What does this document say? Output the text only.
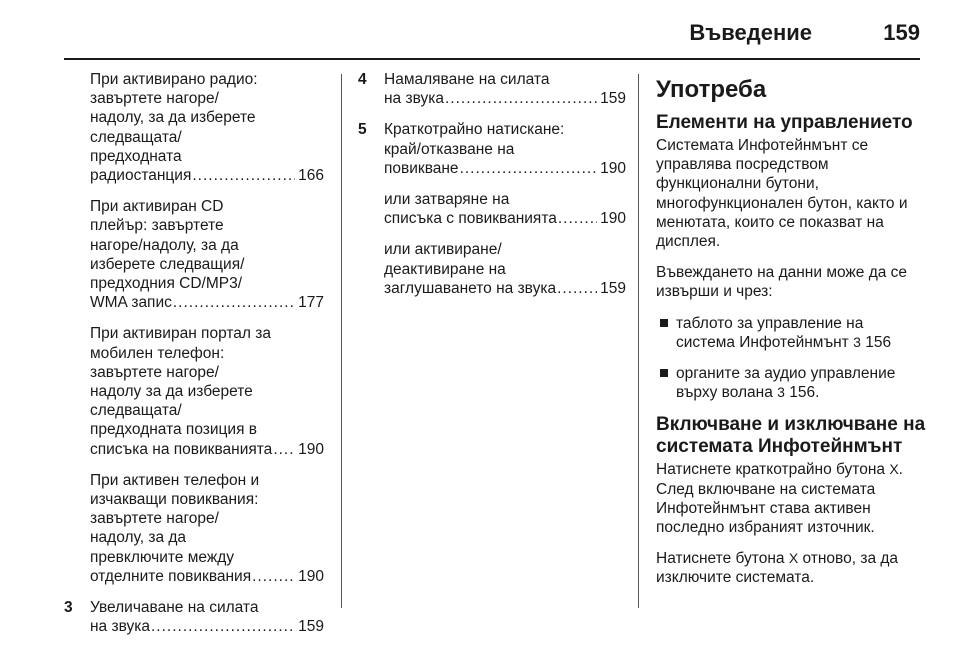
Въведение	159
При активирано радио:
завъртете нагоре/
надолу, за да изберете
следващата/
предходната
радиостанция .....	166
При активиран CD
плейър: завъртете
нагоре/надолу, за да
изберете следващия/
предходния CD/MP3/
WMA запис .....	177
При активиран портал за
мобилен телефон:
завъртете нагоре/
надолу за да изберете
следващата/
предходната позиция в
списъка на повикванията ..... 190
При активен телефон и
изчакващи повиквания:
завъртете нагоре/
надолу, за да
превключите между
отделните повиквания .....	190
3 Увеличаване на силата
на звука .....	159
4 Намаляване на силата
на звука .....	159
5 Краткотрайно натискане:
край/отказване на
повикване .....	190
или затваряне на
списъка с повикванията .....	190
или активиране/
деактивиране на
заглушаването на звука .....	159
Употреба
Елементи на управлението
Системата Инфотейнмънт се
управлява посредством
функционални бутони,
многофункционален бутон, както и
менютата, които се показват на
дисплея.
Въвеждането на данни може да се
извърши и чрез:
таблото за управление на
система Инфотейнмънт 3 156
органите за аудио управление
върху волана 3 156.
Включване и изключване на
системата Инфотейнмънт
Натиснете краткотрайно бутона X.
След включване на системата
Инфотейнмънт става активен
последно избраният източник.
Натиснете бутона X отново, за да
изключите системата.
